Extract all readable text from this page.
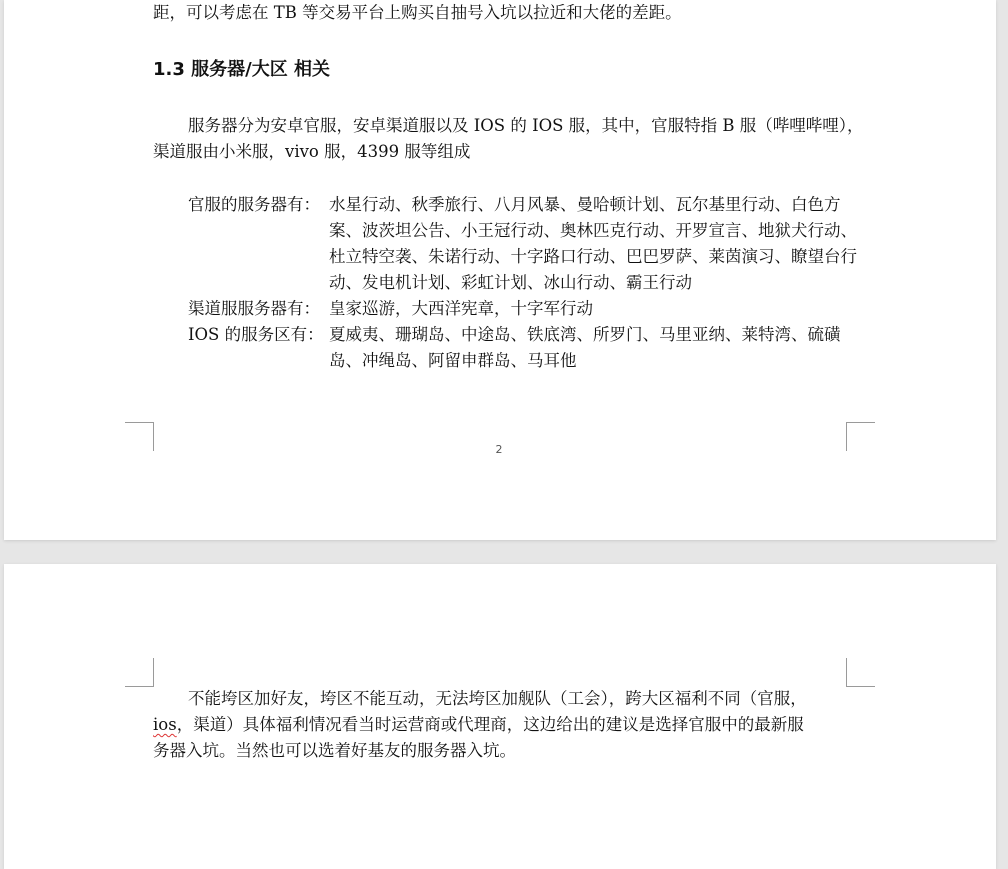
距，可以考虑在 TB 等交易平台上购买自抽号入坑以拉近和大佬的差距。
1.3 服务器/大区 相关
服务器分为安卓官服，安卓渠道服以及 IOS 的 IOS 服，其中，官服特指 B 服（哔哩哔哩），
渠道服由小米服，vivo 服，4399 服等组成
官服的服务器有： 水星行动、秋季旅行、八月风暴、曼哈顿计划、瓦尔基里行动、白色方案、波茨坦公告、小王冠行动、奥林匹克行动、开罗宣言、地狱犬行动、杜立特空袭、朱诺行动、十字路口行动、巴巴罗萨、莱茵演习、瞭望台行动、发电机计划、彩虹计划、冰山行动、霸王行动
渠道服服务器有： 皇家巡游，大西洋宪章，十字军行动
IOS 的服务区有： 夏威夷、珊瑚岛、中途岛、铁底湾、所罗门、马里亚纳、莱特湾、硫磺岛、冲绳岛、阿留申群岛、马耳他
2
不能垮区加好友，垮区不能互动，无法垮区加舰队（工会），跨大区福利不同（官服，
ios，渠道）具体福利情况看当时运营商或代理商，这边给出的建议是选择官服中的最新服
务器入坑。当然也可以选着好基友的服务器入坑。
